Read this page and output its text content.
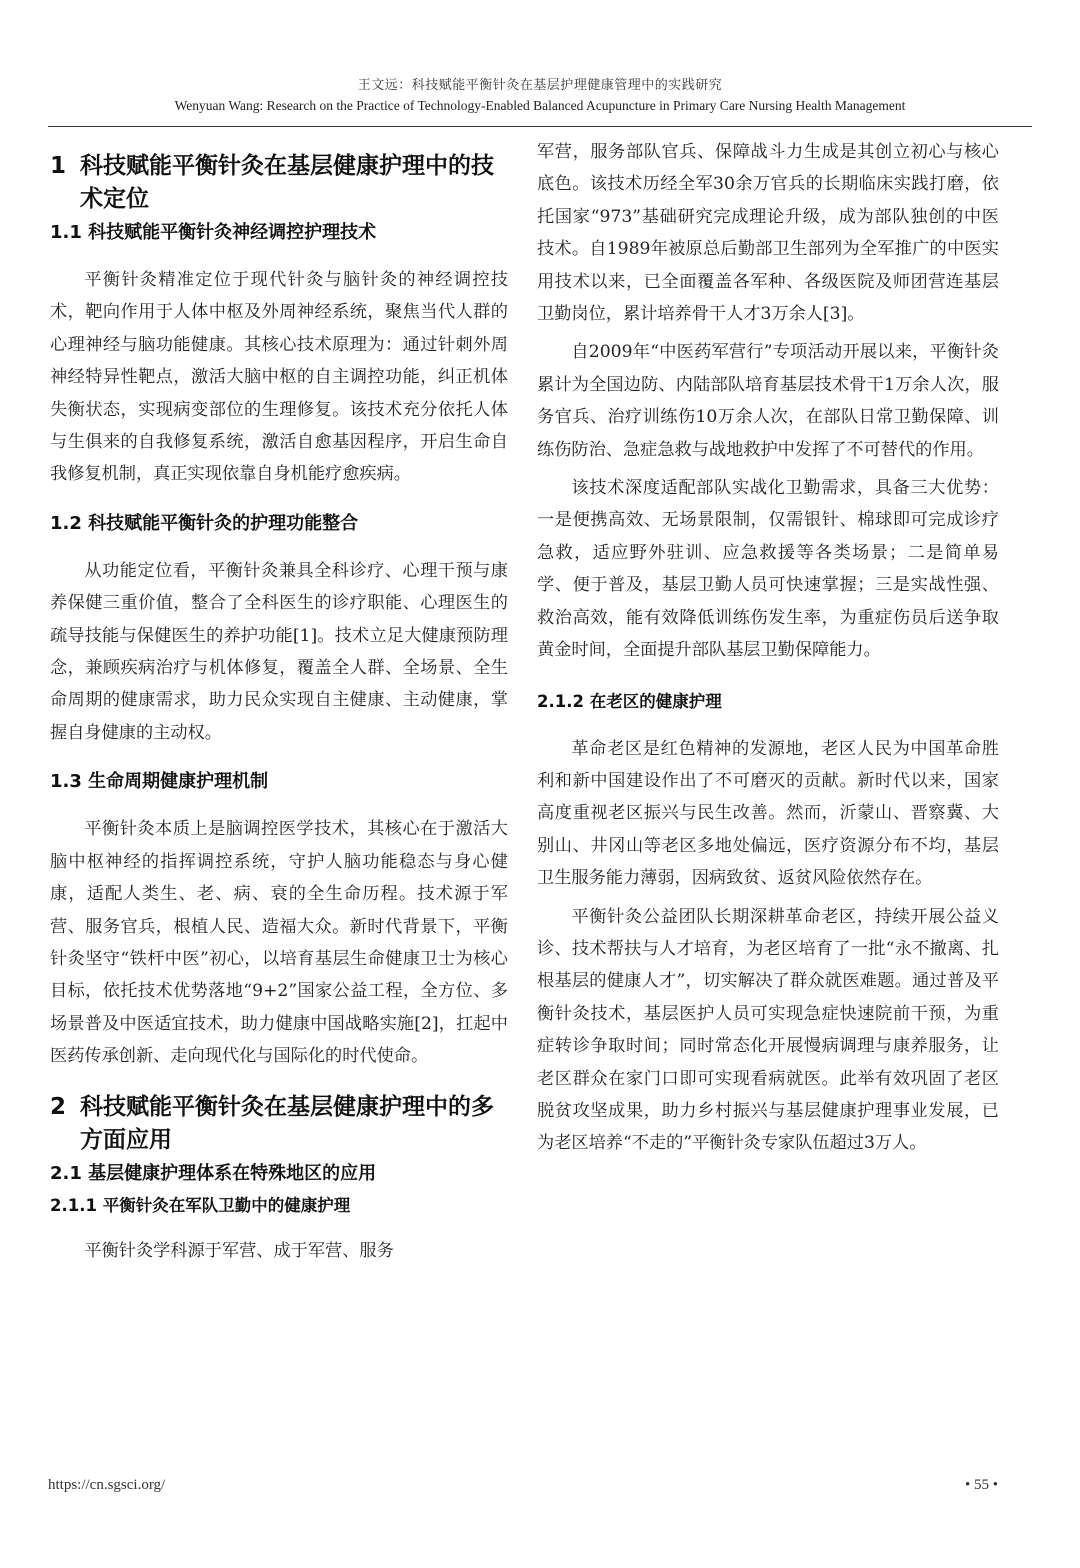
王文远：科技赋能平衡针灸在基层护理健康管理中的实践研究
Wenyuan Wang: Research on the Practice of Technology-Enabled Balanced Acupuncture in Primary Care Nursing Health Management
1 科技赋能平衡针灸在基层健康护理中的技术定位
1.1 科技赋能平衡针灸神经调控护理技术

平衡针灸精准定位于现代针灸与脑针灸的神经调控技术，靶向作用于人体中枢及外周神经系统，聚焦当代人群的心理神经与脑功能健康。其核心技术原理为：通过针刺外周神经特异性靶点，激活大脑中枢的自主调控功能，纠正机体失衡状态，实现病变部位的生理修复。该技术充分依托人体与生俱来的自我修复系统，激活自愈基因程序，开启生命自我修复机制，真正实现依靠自身机能疗愈疾病。

1.2 科技赋能平衡针灸的护理功能整合

从功能定位看，平衡针灸兼具全科诊疗、心理干预与康养保健三重价值，整合了全科医生的诊疗职能、心理医生的疏导技能与保健医生的养护功能[1]。技术立足大健康预防理念，兼顾疾病治疗与机体修复，覆盖全人群、全场景、全生命周期的健康需求，助力民众实现自主健康、主动健康，掌握自身健康的主动权。

1.3 生命周期健康护理机制

平衡针灸本质上是脑调控医学技术，其核心在于激活大脑中枢神经的指挥调控系统，守护人脑功能稳态与身心健康，适配人类生、老、病、衰的全生命历程。技术源于军营、服务官兵，根植人民、造福大众。新时代背景下，平衡针灸坚守“铁杆中医”初心，以培育基层生命健康卫士为核心目标，依托技术优势落地“9+2”国家公益工程，全方位、多场景普及中医适宜技术，助力健康中国战略实施[2]，扛起中医药传承创新、走向现代化与国际化的时代使命。

2 科技赋能平衡针灸在基层健康护理中的多方面应用
2.1 基层健康护理体系在特殊地区的应用
2.1.1 平衡针灸在军队卫勤中的健康护理

平衡针灸学科源于军营、成于军营、服务

军营，服务部队官兵、保障战斗力生成是其创立初心与核心底色。该技术历经全军30余万官兵的长期临床实践打磨，依托国家“973”基础研究完成理论升级，成为部队独创的中医技术。自1989年被原总后勤部卫生部列为全军推广的中医实用技术以来，已全面覆盖各军种、各级医院及师团营连基层卫勤岗位，累计培养骨干人才3万余人[3]。

自2009年“中医药军营行”专项活动开展以来，平衡针灸累计为全国边防、内陆部队培育基层技术骨干1万余人次，服务官兵、治疗训练伤10万余人次，在部队日常卫勤保障、训练伤防治、急症急救与战地救护中发挥了不可替代的作用。

该技术深度适配部队实战化卫勤需求，具备三大优势：一是便携高效、无场景限制，仅需银针、棉球即可完成诊疗急救，适应野外驻训、应急救援等各类场景；二是简单易学、便于普及，基层卫勤人员可快速掌握；三是实战性强、救治高效，能有效降低训练伤发生率，为重症伤员后送争取黄金时间，全面提升部队基层卫勤保障能力。

2.1.2 在老区的健康护理

革命老区是红色精神的发源地，老区人民为中国革命胜利和新中国建设作出了不可磨灭的贡献。新时代以来，国家高度重视老区振兴与民生改善。然而，沂蒙山、晋察冀、大别山、井冈山等老区多地处偏远，医疗资源分布不均，基层卫生服务能力薄弱，因病致贫、返贫风险依然存在。

平衡针灸公益团队长期深耕革命老区，持续开展公益义诊、技术帮扶与人才培育，为老区培育了一批“永不撤离、扎根基层的健康人才”，切实解决了群众就医难题。通过普及平衡针灸技术，基层医护人员可实现急症快速院前干预，为重症转诊争取时间；同时常态化开展慢病调理与康养服务，让老区群众在家门口即可实现看病就医。此举有效巩固了老区脱贫攻坚成果，助力乡村振兴与基层健康护理事业发展，已为老区培养“不走的”平衡针灸专家队伍超过3万人。

https://cn.sgsci.org/	• 55 •
